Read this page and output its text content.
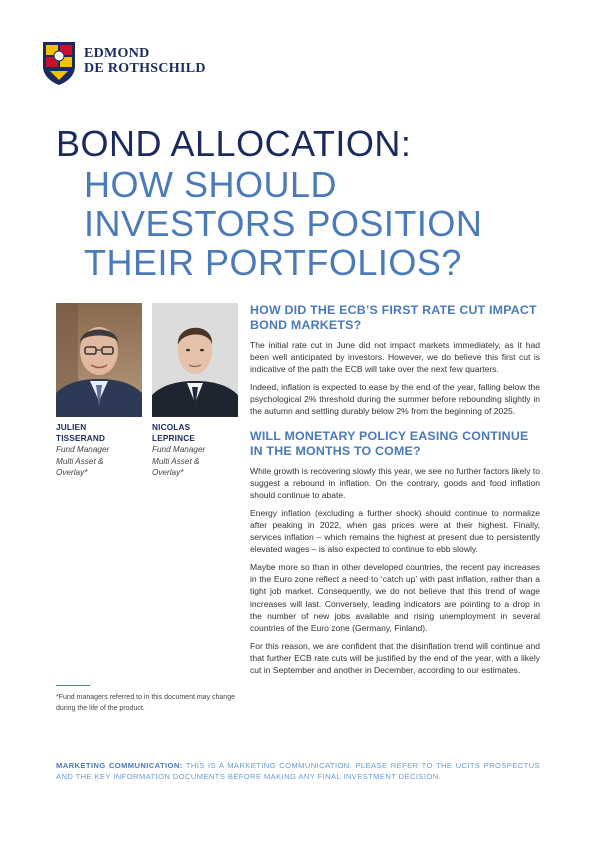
EDMOND
DE ROTHSCHILD
BOND ALLOCATION:
HOW SHOULD
INVESTORS POSITION
THEIR PORTFOLIOS?
JULIEN
TISSERAND
Fund Manager
Multi Asset &
Overlay*
NICOLAS
LEPRINCE
Fund Manager
Multi Asset &
Overlay*
*Fund managers referred to in this document may change during the life of the product.
HOW DID THE ECB’S FIRST RATE CUT IMPACT BOND MARKETS?

The initial rate cut in June did not impact markets immediately, as it had been well anticipated by investors. However, we do believe this first cut is indicative of the path the ECB will take over the next few quarters.

Indeed, inflation is expected to ease by the end of the year, falling below the psychological 2% threshold during the summer before rebounding slightly in the autumn and settling durably below 2% from the beginning of 2025.

WILL MONETARY POLICY EASING CONTINUE IN THE MONTHS TO COME?

While growth is recovering slowly this year, we see no further factors likely to suggest a rebound in inflation. On the contrary, goods and food inflation should continue to abate.

Energy inflation (excluding a further shock) should continue to normalize after peaking in 2022, when gas prices were at their highest. Finally, services inflation – which remains the highest at present due to persistently elevated wages – is also expected to continue to ebb slowly.

Maybe more so than in other developed countries, the recent pay increases in the Euro zone reflect a need to ‘catch up’ with past inflation, rather than a tight job market. Consequently, we do not believe that this trend of wage increases will last. Conversely, leading indicators are pointing to a drop in the number of new jobs available and rising unemployment in several countries of the Euro zone (Germany, Finland).

For this reason, we are confident that the disinflation trend will continue and that further ECB rate cuts will be justified by the end of the year, with a likely cut in September and another in December, according to our estimates.

MARKETING COMMUNICATION: THIS IS A MARKETING COMMUNICATION. PLEASE REFER TO THE UCITS PROSPECTUS AND THE KEY INFORMATION DOCUMENTS BEFORE MAKING ANY FINAL INVESTMENT DECISION.
